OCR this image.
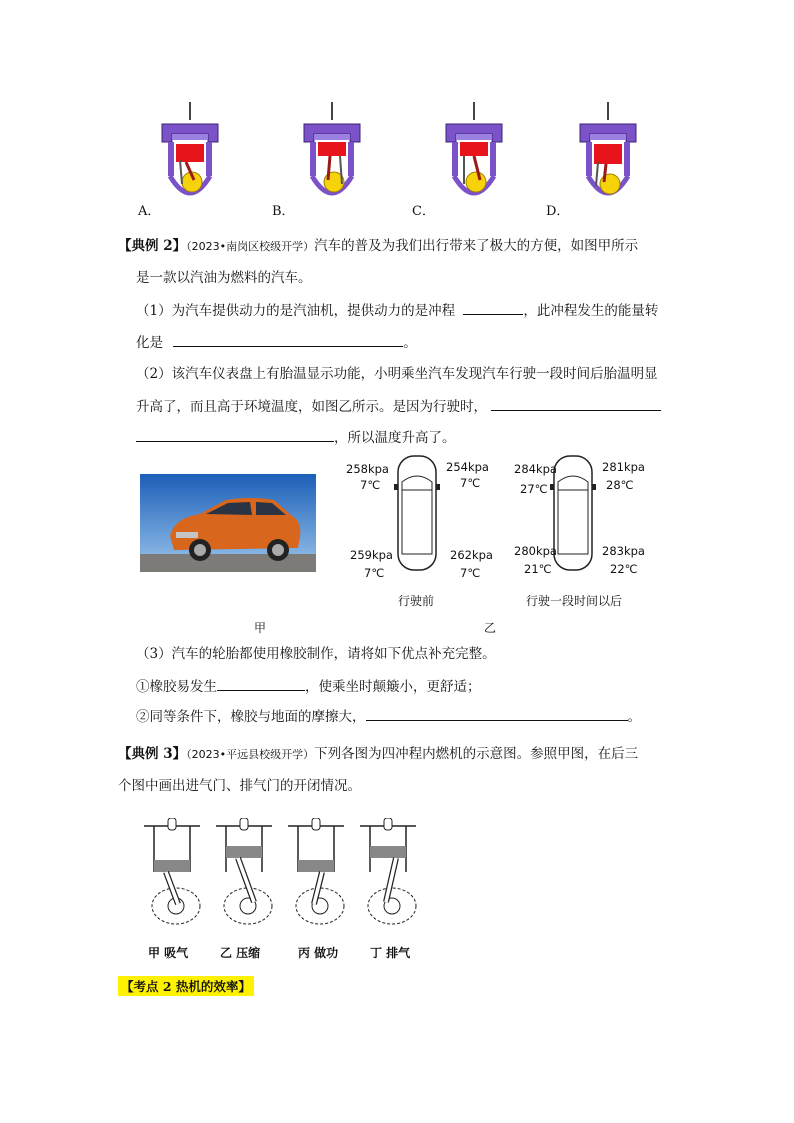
A．	B．	C．	D．
【典例 2】（2023•南岗区校级开学）汽车的普及为我们出行带来了极大的方便，如图甲所示
是一款以汽油为燃料的汽车。
（1）为汽车提供动力的是汽油机，提供动力的是冲程	，此冲程发生的能量转
化是	。
（2）该汽车仪表盘上有胎温显示功能，小明乘坐汽车发现汽车行驶一段时间后胎温明显
升高了，而且高于环境温度，如图乙所示。是因为行驶时，
，所以温度升高了。
258kpa
7℃
254kpa
7℃
259kpa
7℃
262kpa
7℃
行驶前
284kpa
27℃
281kpa
28℃
280kpa
21℃
283kpa
22℃
行驶一段时间以后
甲	乙
（3）汽车的轮胎都使用橡胶制作，请将如下优点补充完整。
①橡胶易发生	，使乘坐时颠簸小，更舒适；
②同等条件下，橡胶与地面的摩擦大，	。
【典例 3】（2023•平远县校级开学）下列各图为四冲程内燃机的示意图。参照甲图，在后三
个图中画出进气门、排气门的开闭情况。
甲 吸气	乙 压缩	丙 做功	丁 排气
【考点 2 热机的效率】
